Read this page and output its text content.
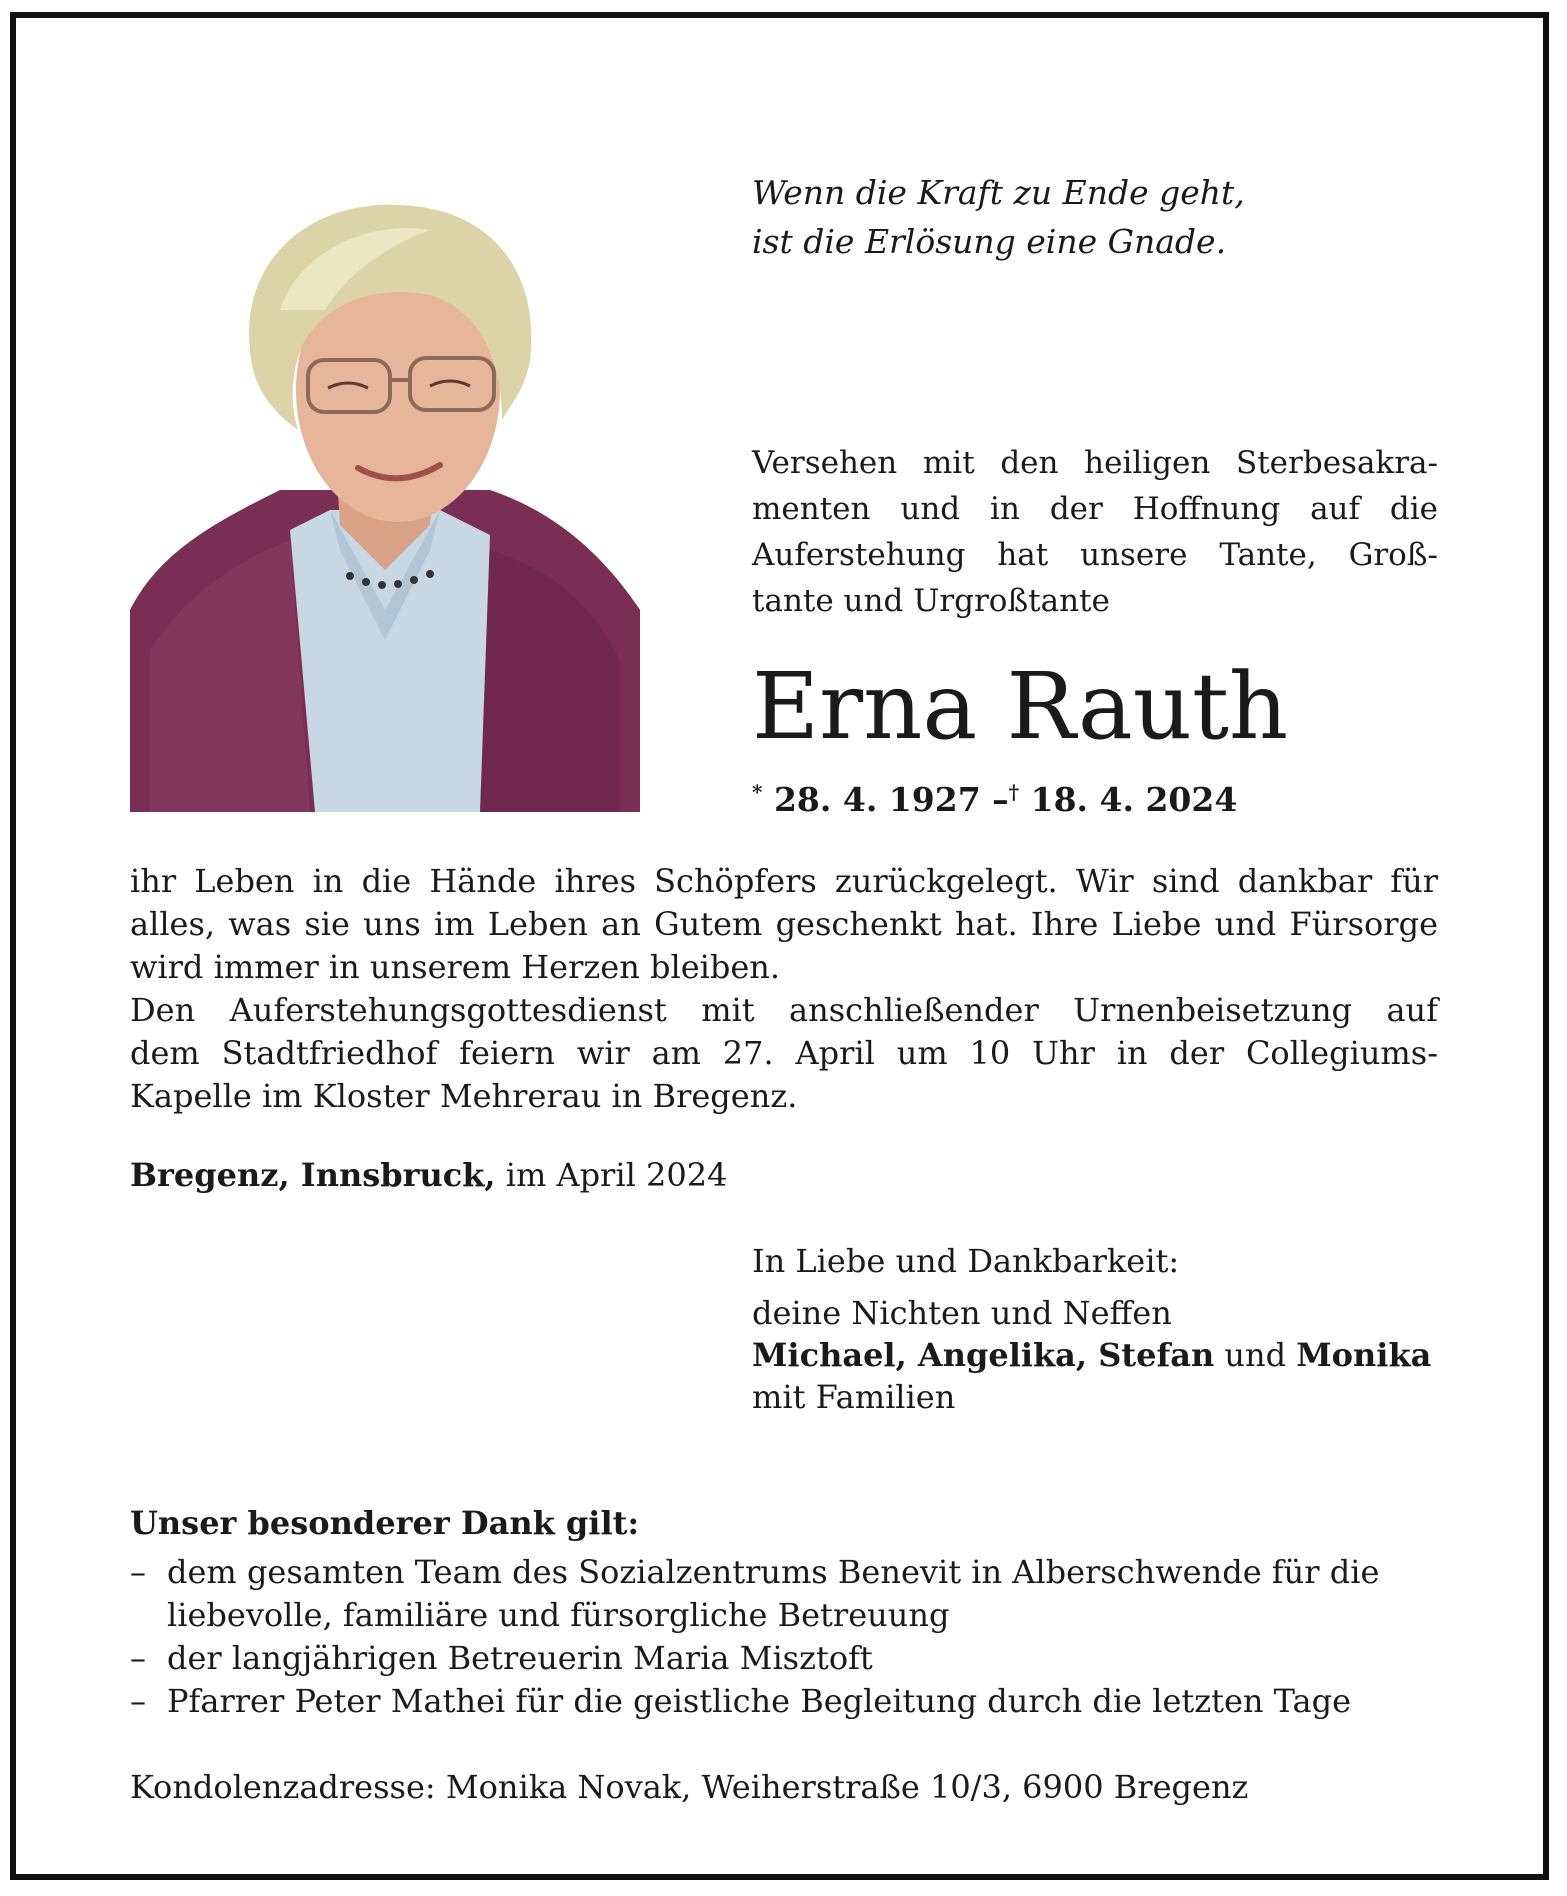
Wenn die Kraft zu Ende geht,
ist die Erlösung eine Gnade.
Versehen mit den heiligen Sterbesakra-
menten und in der Hoffnung auf die
Auferstehung hat unsere Tante, Groß-
tante und Urgroßtante
Erna Rauth
* 28. 4. 1927 –† 18. 4. 2024
ihr Leben in die Hände ihres Schöpfers zurückgelegt. Wir sind dankbar für
alles, was sie uns im Leben an Gutem geschenkt hat. Ihre Liebe und Fürsorge
wird immer in unserem Herzen bleiben.
Den Auferstehungsgottesdienst mit anschließender Urnenbeisetzung auf
dem Stadtfriedhof feiern wir am 27. April um 10 Uhr in der Collegiums-
Kapelle im Kloster Mehrerau in Bregenz.
Bregenz, Innsbruck, im April 2024
In Liebe und Dankbarkeit:
deine Nichten und Neffen
Michael, Angelika, Stefan und Monika
mit Familien
Unser besonderer Dank gilt:
– dem gesamten Team des Sozialzentrums Benevit in Alberschwende für die liebevolle, familiäre und fürsorgliche Betreuung
– der langjährigen Betreuerin Maria Misztoft
– Pfarrer Peter Mathei für die geistliche Begleitung durch die letzten Tage
Kondolenzadresse: Monika Novak, Weiherstraße 10/3, 6900 Bregenz
